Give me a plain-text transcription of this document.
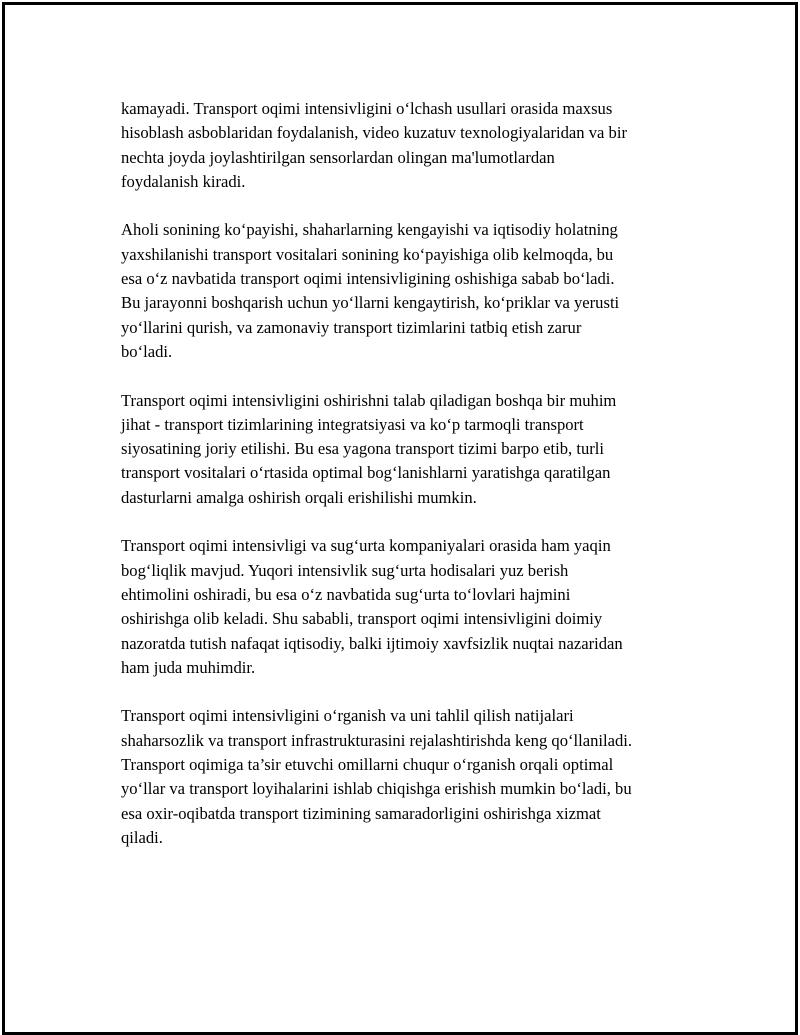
kamayadi. Transport oqimi intensivligini o‘lchash usullari orasida maxsus
hisoblash asboblaridan foydalanish, video kuzatuv texnologiyalaridan va bir
nechta joyda joylashtirilgan sensorlardan olingan ma'lumotlardan
foydalanish kiradi.

Aholi sonining ko‘payishi, shaharlarning kengayishi va iqtisodiy holatning
yaxshilanishi transport vositalari sonining ko‘payishiga olib kelmoqda, bu
esa o‘z navbatida transport oqimi intensivligining oshishiga sabab bo‘ladi.
Bu jarayonni boshqarish uchun yo‘llarni kengaytirish, ko‘priklar va yerusti
yo‘llarini qurish, va zamonaviy transport tizimlarini tatbiq etish zarur
bo‘ladi.

Transport oqimi intensivligini oshirishni talab qiladigan boshqa bir muhim
jihat - transport tizimlarining integratsiyasi va ko‘p tarmoqli transport
siyosatining joriy etilishi. Bu esa yagona transport tizimi barpo etib, turli
transport vositalari o‘rtasida optimal bog‘lanishlarni yaratishga qaratilgan
dasturlarni amalga oshirish orqali erishilishi mumkin.

Transport oqimi intensivligi va sug‘urta kompaniyalari orasida ham yaqin
bog‘liqlik mavjud. Yuqori intensivlik sug‘urta hodisalari yuz berish
ehtimolini oshiradi, bu esa o‘z navbatida sug‘urta to‘lovlari hajmini
oshirishga olib keladi. Shu sababli, transport oqimi intensivligini doimiy
nazoratda tutish nafaqat iqtisodiy, balki ijtimoiy xavfsizlik nuqtai nazaridan
ham juda muhimdir.

Transport oqimi intensivligini o‘rganish va uni tahlil qilish natijalari
shaharsozlik va transport infrastrukturasini rejalashtirishda keng qo‘llaniladi.
Transport oqimiga ta’sir etuvchi omillarni chuqur o‘rganish orqali optimal
yo‘llar va transport loyihalarini ishlab chiqishga erishish mumkin bo‘ladi, bu
esa oxir-oqibatda transport tizimining samaradorligini oshirishga xizmat
qiladi.
